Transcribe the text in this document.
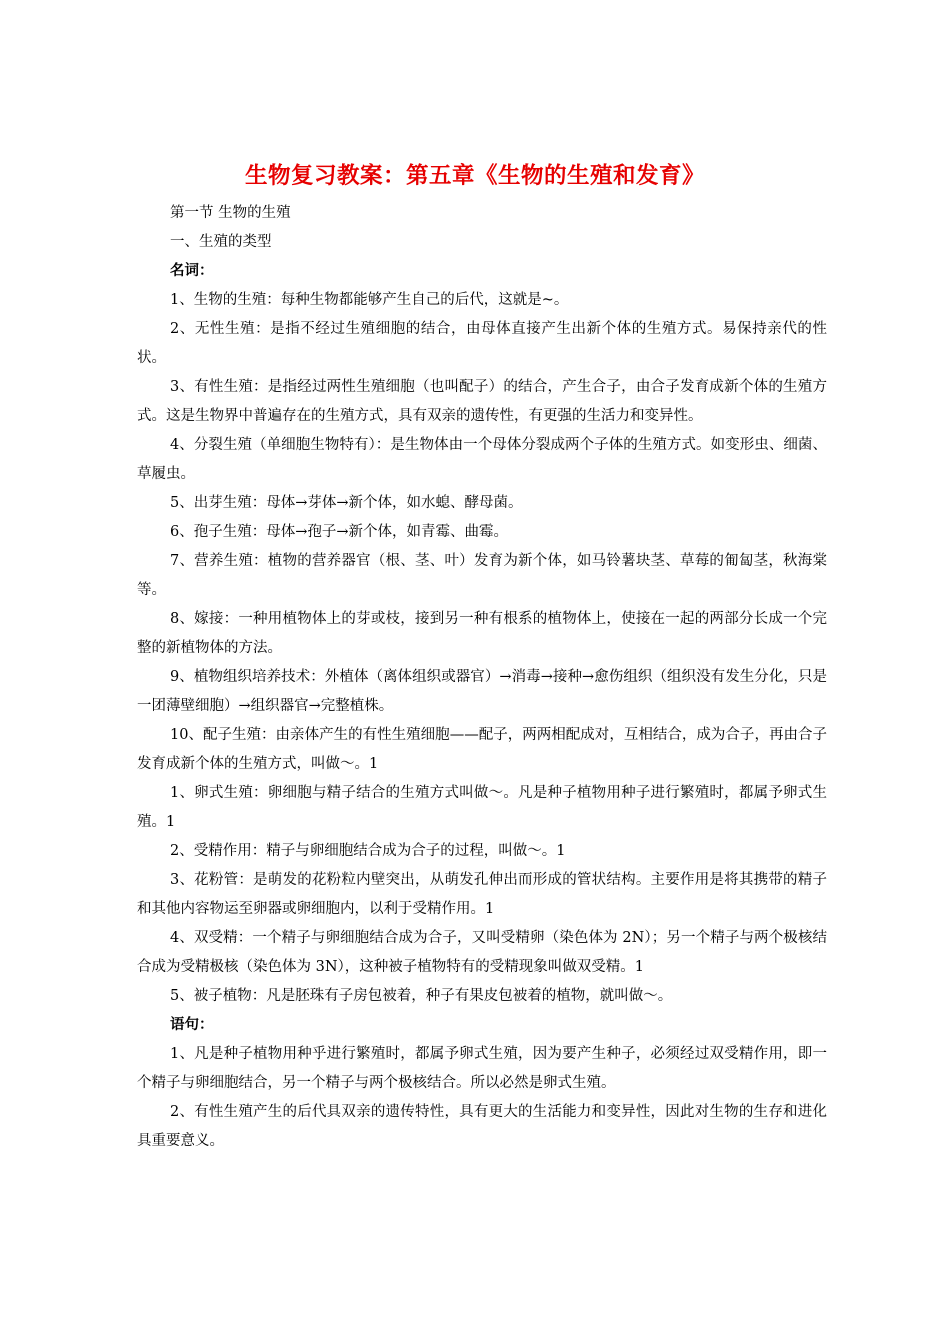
生物复习教案：第五章《生物的生殖和发育》

第一节 生物的生殖

一、生殖的类型

名词：

1、生物的生殖：每种生物都能够产生自己的后代，这就是~。

2、无性生殖：是指不经过生殖细胞的结合，由母体直接产生出新个体的生殖方式。易保持亲代的性状。

3、有性生殖：是指经过两性生殖细胞（也叫配子）的结合，产生合子，由合子发育成新个体的生殖方式。这是生物界中普遍存在的生殖方式，具有双亲的遗传性，有更强的生活力和变异性。

4、分裂生殖（单细胞生物特有）：是生物体由一个母体分裂成两个子体的生殖方式。如变形虫、细菌、草履虫。

5、出芽生殖：母体→芽体→新个体，如水螅、酵母菌。

6、孢子生殖：母体→孢子→新个体，如青霉、曲霉。

7、营养生殖：植物的营养器官（根、茎、叶）发育为新个体，如马铃薯块茎、草莓的匍匐茎，秋海棠等。

8、嫁接：一种用植物体上的芽或枝，接到另一种有根系的植物体上，使接在一起的两部分长成一个完整的新植物体的方法。

9、植物组织培养技术：外植体（离体组织或器官）→消毒→接种→愈伤组织（组织没有发生分化，只是一团薄壁细胞）→组织器官→完整植株。

10、配子生殖：由亲体产生的有性生殖细胞——配子，两两相配成对，互相结合，成为合子，再由合子发育成新个体的生殖方式，叫做～。1

1、卵式生殖：卵细胞与精子结合的生殖方式叫做～。凡是种子植物用种子进行繁殖时，都属予卵式生殖。1

2、受精作用：精子与卵细胞结合成为合子的过程，叫做～。1

3、花粉管：是萌发的花粉粒内壁突出，从萌发孔伸出而形成的管状结构。主要作用是将其携带的精子和其他内容物运至卵器或卵细胞内，以利于受精作用。1

4、双受精：一个精子与卵细胞结合成为合子，又叫受精卵（染色体为 2N）；另一个精子与两个极核结合成为受精极核（染色体为 3N），这种被子植物特有的受精现象叫做双受精。1

5、被子植物：凡是胚珠有子房包被着，种子有果皮包被着的植物，就叫做～。

语句：

1、凡是种子植物用种乎进行繁殖时，都属予卵式生殖，因为要产生种子，必须经过双受精作用，即一个精子与卵细胞结合，另一个精子与两个极核结合。所以必然是卵式生殖。

2、有性生殖产生的后代具双亲的遗传特性，具有更大的生活能力和变异性，因此对生物的生存和进化具重要意义。
